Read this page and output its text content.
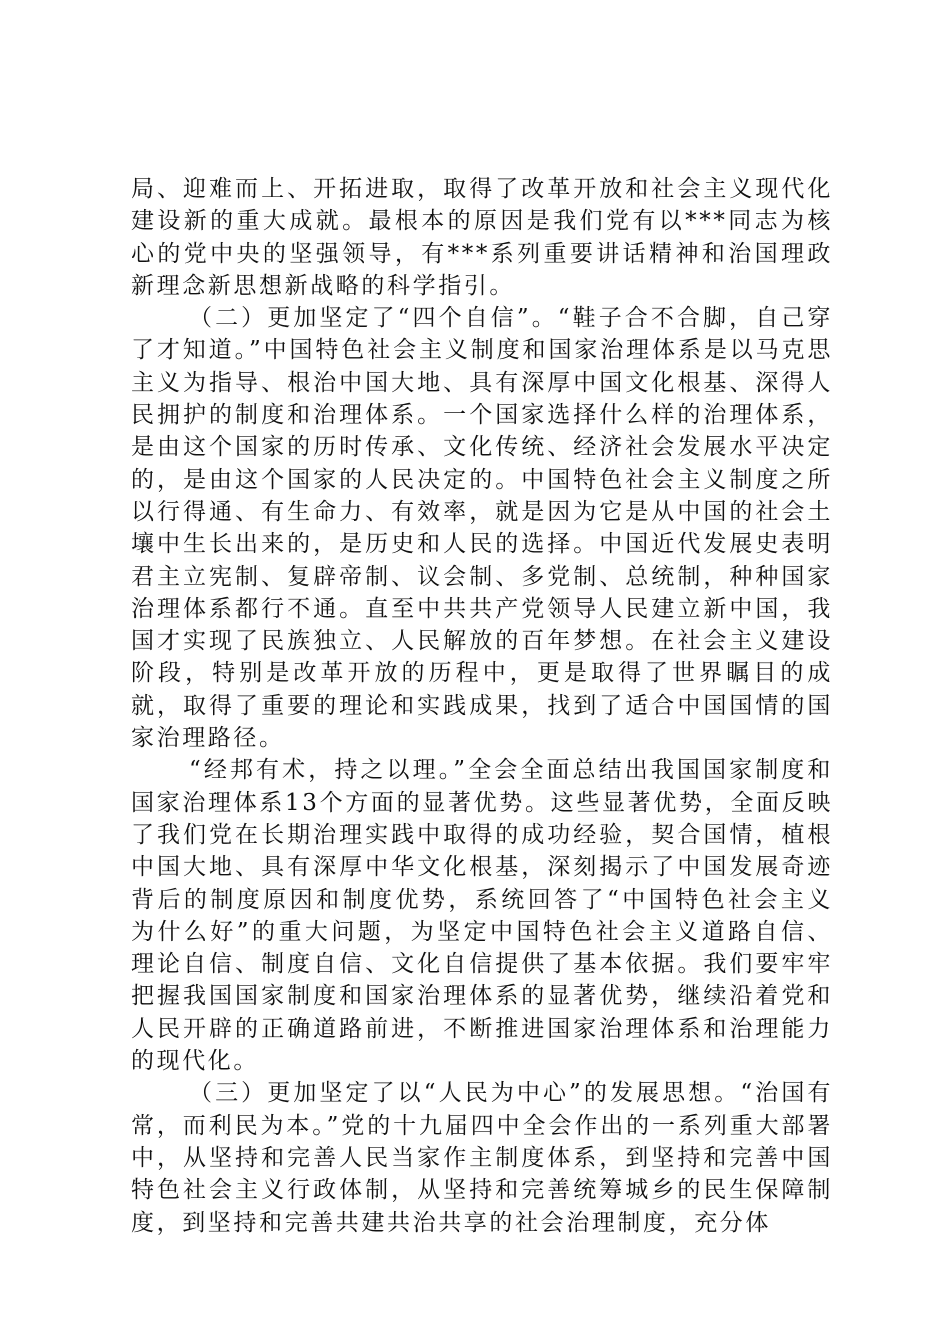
局、迎难而上、开拓进取，取得了改革开放和社会主义现代化建设新的重大成就。最根本的原因是我们党有以***同志为核心的党中央的坚强领导，有***系列重要讲话精神和治国理政新理念新思想新战略的科学指引。

（二）更加坚定了“四个自信”。“鞋子合不合脚，自己穿了才知道。”中国特色社会主义制度和国家治理体系是以马克思主义为指导、根治中国大地、具有深厚中国文化根基、深得人民拥护的制度和治理体系。一个国家选择什么样的治理体系，是由这个国家的历时传承、文化传统、经济社会发展水平决定的，是由这个国家的人民决定的。中国特色社会主义制度之所以行得通、有生命力、有效率，就是因为它是从中国的社会土壤中生长出来的，是历史和人民的选择。中国近代发展史表明君主立宪制、复辟帝制、议会制、多党制、总统制，种种国家治理体系都行不通。直至中共共产党领导人民建立新中国，我国才实现了民族独立、人民解放的百年梦想。在社会主义建设阶段，特别是改革开放的历程中，更是取得了世界瞩目的成就，取得了重要的理论和实践成果，找到了适合中国国情的国家治理路径。

“经邦有术，持之以理。”全会全面总结出我国国家制度和国家治理体系13个方面的显著优势。这些显著优势，全面反映了我们党在长期治理实践中取得的成功经验，契合国情，植根中国大地、具有深厚中华文化根基，深刻揭示了中国发展奇迹背后的制度原因和制度优势，系统回答了“中国特色社会主义为什么好”的重大问题，为坚定中国特色社会主义道路自信、理论自信、制度自信、文化自信提供了基本依据。我们要牢牢把握我国国家制度和国家治理体系的显著优势，继续沿着党和人民开辟的正确道路前进，不断推进国家治理体系和治理能力的现代化。

（三）更加坚定了以“人民为中心”的发展思想。“治国有常，而利民为本。”党的十九届四中全会作出的一系列重大部署中，从坚持和完善人民当家作主制度体系，到坚持和完善中国特色社会主义行政体制，从坚持和完善统筹城乡的民生保障制度，到坚持和完善共建共治共享的社会治理制度，充分体
